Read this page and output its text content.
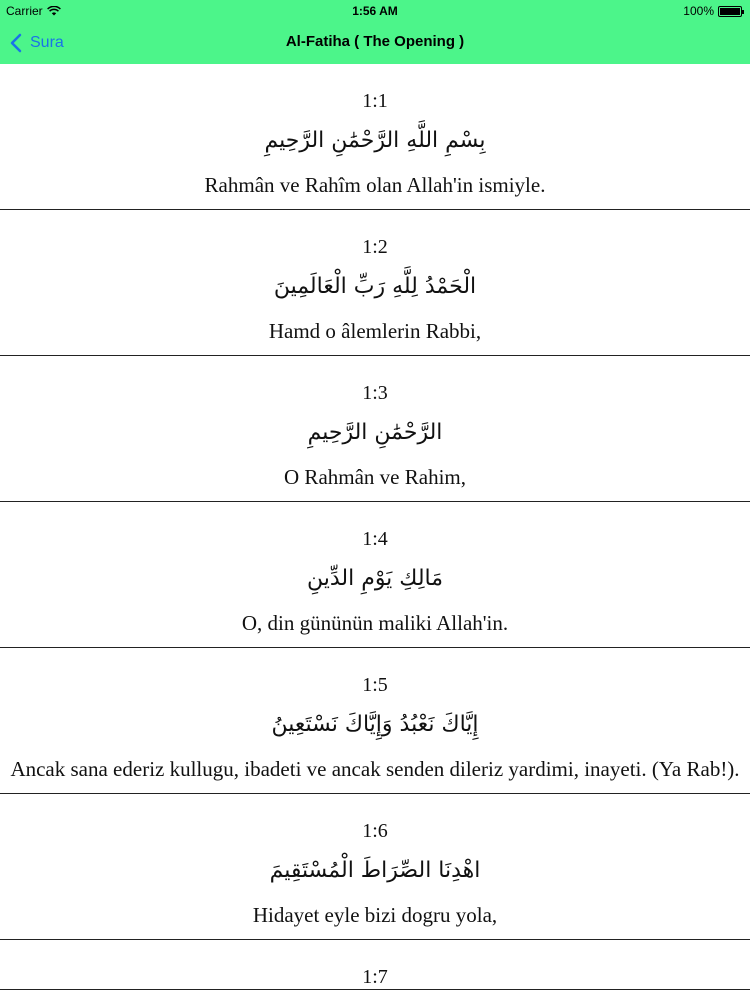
Carrier	1:56 AM	100%
Sura	Al-Fatiha ( The Opening )
1:1
بِسْمِ اللَّهِ الرَّحْمَٰنِ الرَّحِيمِ
Rahmân ve Rahîm olan Allah'in ismiyle.
1:2
الْحَمْدُ لِلَّهِ رَبِّ الْعَالَمِينَ
Hamd o âlemlerin Rabbi,
1:3
الرَّحْمَٰنِ الرَّحِيمِ
O Rahmân ve Rahim,
1:4
مَالِكِ يَوْمِ الدِّينِ
O, din gününün maliki Allah'in.
1:5
إِيَّاكَ نَعْبُدُ وَإِيَّاكَ نَسْتَعِينُ
Ancak sana ederiz kullugu, ibadeti ve ancak senden dileriz yardimi, inayeti. (Ya Rab!).
1:6
اهْدِنَا الصِّرَاطَ الْمُسْتَقِيمَ
Hidayet eyle bizi dogru yola,
1:7
